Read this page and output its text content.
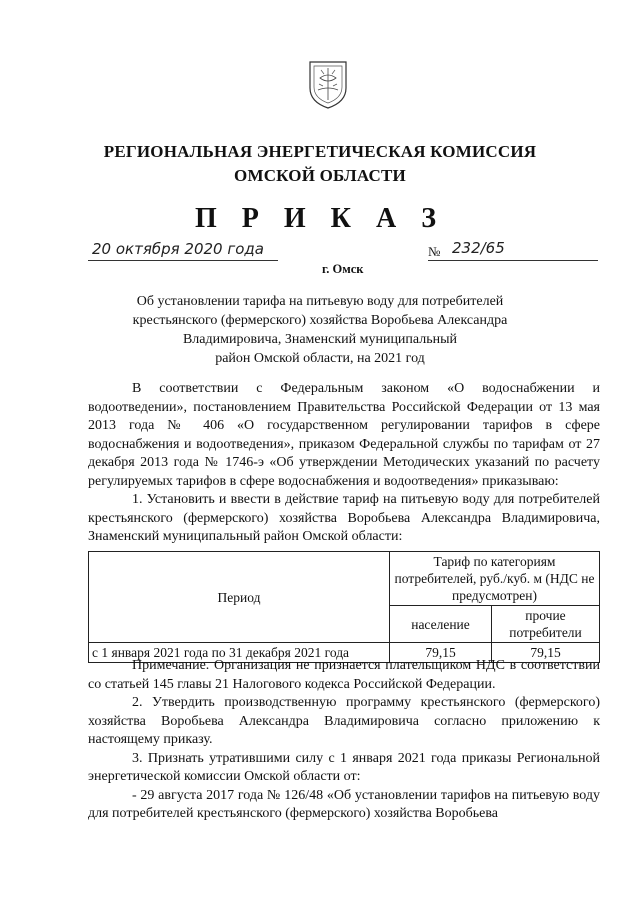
РЕГИОНАЛЬНАЯ ЭНЕРГЕТИЧЕСКАЯ КОМИССИЯ
ОМСКОЙ ОБЛАСТИ
П Р И К А З
20 октября 2020 года	№ 232/65
г. Омск
Об установлении тарифа на питьевую воду для потребителей
крестьянского (фермерского) хозяйства Воробьева Александра
Владимировича, Знаменский муниципальный
район Омской области, на 2021 год
В соответствии с Федеральным законом «О водоснабжении и водоотведении», постановлением Правительства Российской Федерации от 13 мая 2013 года № 406 «О государственном регулировании тарифов в сфере водоснабжения и водоотведения», приказом Федеральной службы по тарифам от 27 декабря 2013 года № 1746-э «Об утверждении Методических указаний по расчету регулируемых тарифов в сфере водоснабжения и водоотведения» приказываю:
1. Установить и ввести в действие тариф на питьевую воду для потребителей крестьянского (фермерского) хозяйства Воробьева Александра Владимировича, Знаменский муниципальный район Омской области:
Период	Тариф по категориям потребителей, руб./куб. м (НДС не предусмотрен)	
	население	прочие потребители
с 1 января 2021 года по 31 декабря 2021 года	79,15	79,15
Примечание. Организация не признается плательщиком НДС в соответствии со статьей 145 главы 21 Налогового кодекса Российской Федерации.
2. Утвердить производственную программу крестьянского (фермерского) хозяйства Воробьева Александра Владимировича согласно приложению к настоящему приказу.
3. Признать утратившими силу с 1 января 2021 года приказы Региональной энергетической комиссии Омской области от:
- 29 августа 2017 года № 126/48 «Об установлении тарифов на питьевую воду для потребителей крестьянского (фермерского) хозяйства Воробьева
